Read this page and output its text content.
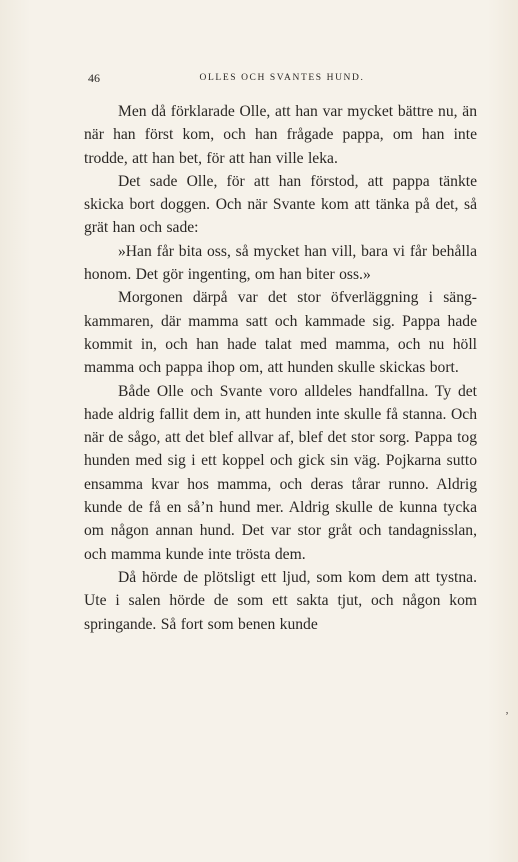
46	OLLES OCH SVANTES HUND.

Men då förklarade Olle, att han var mycket bättre nu, än när han först kom, och han frågade pappa, om han inte trodde, att han bet, för att han ville leka.

Det sade Olle, för att han förstod, att pappa tänkte skicka bort doggen. Och när Svante kom att tänka på det, så grät han och sade:

»Han får bita oss, så mycket han vill, bara vi får behålla honom. Det gör ingenting, om han biter oss.»

Morgonen därpå var det stor öfverläggning i sängkammaren, där mamma satt och kammade sig. Pappa hade kommit in, och han hade talat med mamma, och nu höll mamma och pappa ihop om, att hunden skulle skickas bort.

Både Olle och Svante voro alldeles handfallna. Ty det hade aldrig fallit dem in, att hunden inte skulle få stanna. Och när de sågo, att det blef allvar af, blef det stor sorg. Pappa tog hunden med sig i ett koppel och gick sin väg. Pojkarna sutto ensamma kvar hos mamma, och deras tårar runno. Aldrig kunde de få en så’n hund mer. Aldrig skulle de kunna tycka om någon annan hund. Det var stor gråt och tandagnisslan, och mamma kunde inte trösta dem.

Då hörde de plötsligt ett ljud, som kom dem att tystna. Ute i salen hörde de som ett sakta tjut, och någon kom springande. Så fort som benen kunde

‚
